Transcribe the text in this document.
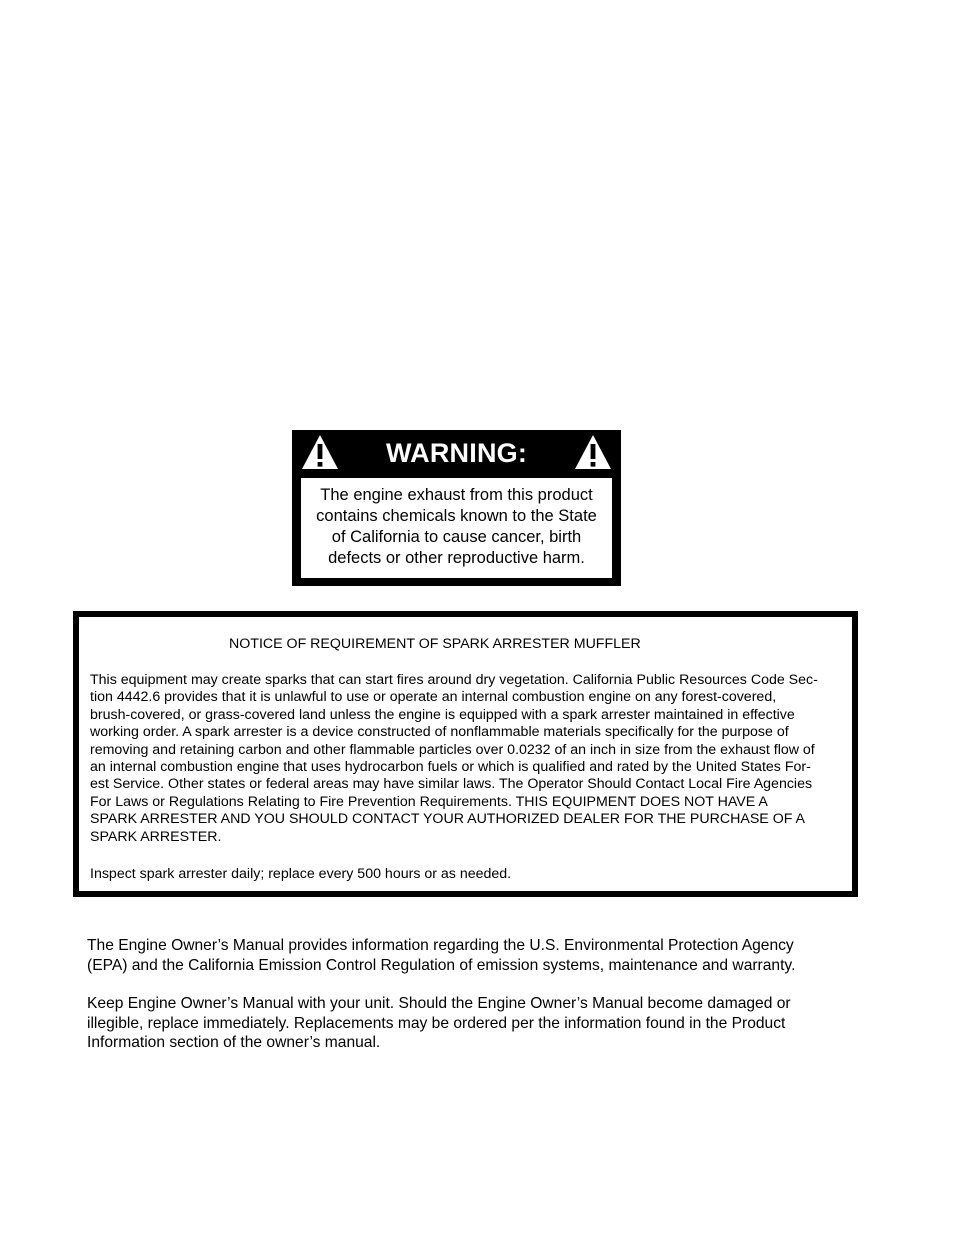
WARNING:
The engine exhaust from this product
contains chemicals known to the State
of California to cause cancer, birth
defects or other reproductive harm.
NOTICE OF REQUIREMENT OF SPARK ARRESTER MUFFLER
This equipment may create sparks that can start fires around dry vegetation. California Public Resources Code Sec-
tion 4442.6 provides that it is unlawful to use or operate an internal combustion engine on any forest-covered,
brush-covered, or grass-covered land unless the engine is equipped with a spark arrester maintained in effective
working order. A spark arrester is a device constructed of nonflammable materials specifically for the purpose of
removing and retaining carbon and other flammable particles over 0.0232 of an inch in size from the exhaust flow of
an internal combustion engine that uses hydrocarbon fuels or which is qualified and rated by the United States For-
est Service. Other states or federal areas may have similar laws. The Operator Should Contact Local Fire Agencies
For Laws or Regulations Relating to Fire Prevention Requirements. THIS EQUIPMENT DOES NOT HAVE A
SPARK ARRESTER AND YOU SHOULD CONTACT YOUR AUTHORIZED DEALER FOR THE PURCHASE OF A
SPARK ARRESTER.
Inspect spark arrester daily; replace every 500 hours or as needed.
The Engine Owner’s Manual provides information regarding the U.S. Environmental Protection Agency
(EPA) and the California Emission Control Regulation of emission systems, maintenance and warranty.
Keep Engine Owner’s Manual with your unit. Should the Engine Owner’s Manual become damaged or
illegible, replace immediately. Replacements may be ordered per the information found in the Product
Information section of the owner’s manual.
